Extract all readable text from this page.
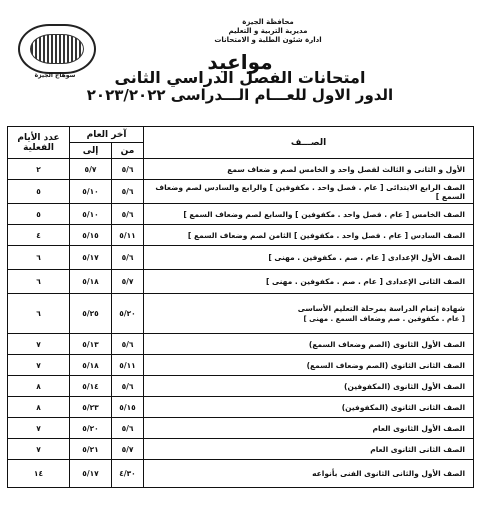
سوهاج الجيزة
محافظة الجيزة
مديرية التربية و التعليم
ادارة شئون الطلبة و الامتحانات
مواعيد
امتحانات الفصل الدراسي الثانى
الدور الاول للعـــام الـــدراسى ٢٠٢٣/٢٠٢٢
الصـــف	آخر العام		عدد الأيام الفعلية
	من	إلى	
الأول و الثانى و الثالث لفصل واحد و الخامس لصم و ضعاف سمع	٥/٦	٥/٧	٢
الصف الرابع الابتدائى [ عام . فصل واحد . مكفوفين ] والرابع والسادس لصم وضعاف السمع ]	٥/٦	٥/١٠	٥
الصف الخامس [ عام . فصل واحد . مكفوفين ] والسابع لصم وضعاف السمع ]	٥/٦	٥/١٠	٥
الصف السادس [ عام . فصل واحد . مكفوفين ] الثامن لصم وضعاف السمع ]	٥/١١	٥/١٥	٤
الصف الأول الإعدادى [ عام . صم . مكفوفين . مهنى ]	٥/٦	٥/١٧	٦
الصف الثانى الإعدادى [ عام . صم . مكفوفين . مهنى ]	٥/٧	٥/١٨	٦
شهادة إتمام الدراسة بمرحلة التعليم الأساسى
[ عام . مكفوفين . صم وضعاف السمع . مهنى ]	٥/٢٠	٥/٢٥	٦
الصف الأول الثانوى (الصم وضعاف السمع)	٥/٦	٥/١٣	٧
الصف الثانى الثانوى (الصم وضعاف السمع)	٥/١١	٥/١٨	٧
الصف الأول الثانوى (المكفوفين)	٥/٦	٥/١٤	٨
الصف الثانى الثانوى (المكفوفين)	٥/١٥	٥/٢٣	٨
الصف الأول الثانوى العام	٥/٦	٥/٢٠	٧
الصف الثانى الثانوى العام	٥/٧	٥/٢١	٧
الصف الأول والثانى الثانوى الفنى بأنواعه	٤/٣٠	٥/١٧	١٤
